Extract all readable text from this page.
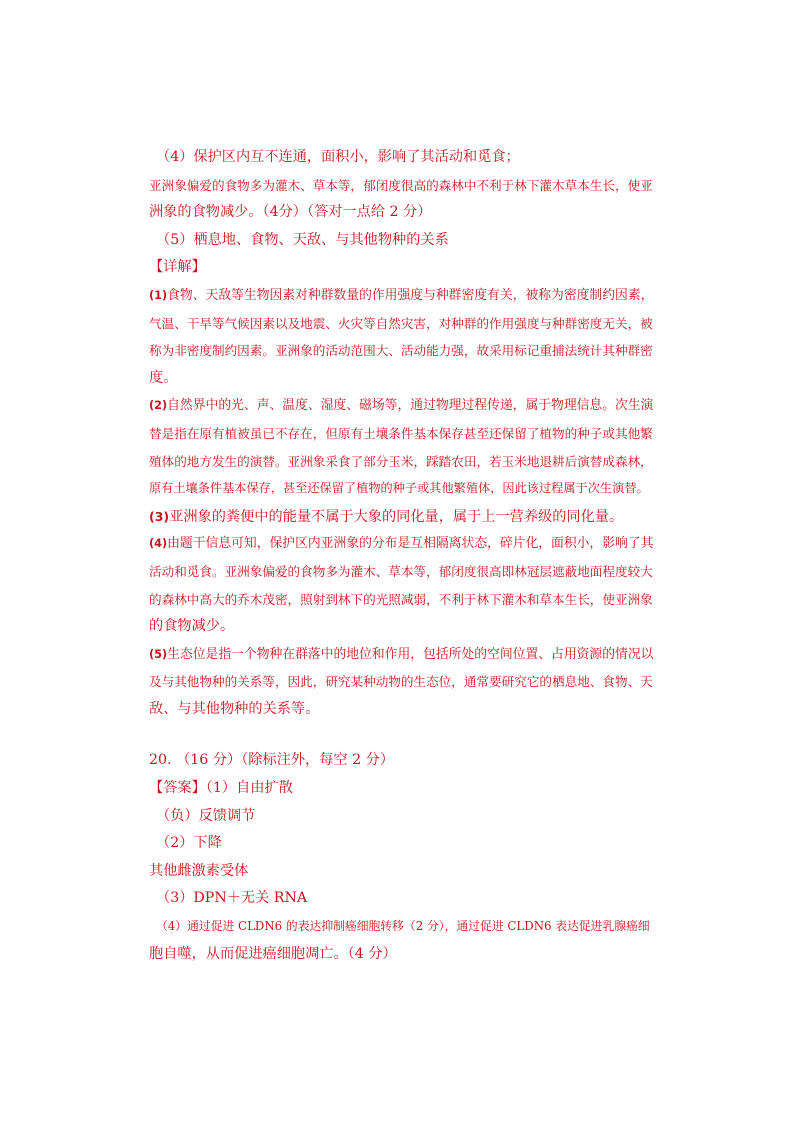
（4）保护区内互不连通，面积小，影响了其活动和觅食；
亚洲象偏爱的食物多为灌木、草本等，郁闭度很高的森林中不利于林下灌木草本生长，使亚
洲象的食物减少。（4分）（答对一点给 2 分）
（5）栖息地、食物、天敌、与其他物种的关系
【详解】
(1)食物、天敌等生物因素对种群数量的作用强度与种群密度有关，被称为密度制约因素，
气温、干旱等气候因素以及地震、火灾等自然灾害，对种群的作用强度与种群密度无关，被
称为非密度制约因素。亚洲象的活动范围大、活动能力强，故采用标记重捕法统计其种群密
度。
(2)自然界中的光、声、温度、湿度、磁场等，通过物理过程传递，属于物理信息。次生演
替是指在原有植被虽已不存在，但原有土壤条件基本保存甚至还保留了植物的种子或其他繁
殖体的地方发生的演替。亚洲象采食了部分玉米，踩踏农田，若玉米地退耕后演替成森林，
原有土壤条件基本保存，甚至还保留了植物的种子或其他繁殖体，因此该过程属于次生演替。
(3)亚洲象的粪便中的能量不属于大象的同化量，属于上一营养级的同化量。
(4)由题干信息可知，保护区内亚洲象的分布是互相隔离状态，碎片化，面积小，影响了其
活动和觅食。亚洲象偏爱的食物多为灌木、草本等，郁闭度很高即林冠层遮蔽地面程度较大
的森林中高大的乔木茂密，照射到林下的光照减弱，不利于林下灌木和草本生长，使亚洲象
的食物减少。
(5)生态位是指一个物种在群落中的地位和作用，包括所处的空间位置、占用资源的情况以
及与其他物种的关系等，因此，研究某种动物的生态位，通常要研究它的栖息地、食物、天
敌、与其他物种的关系等。
20. （16 分）（除标注外，每空 2 分）
【答案】（1）自由扩散
（负）反馈调节
（2）下降
其他雌激素受体
（3）DPN＋无关 RNA
（4）通过促进 CLDN6 的表达抑制癌细胞转移（2 分），通过促进 CLDN6 表达促进乳腺癌细
胞自噬，从而促进癌细胞凋亡。（4 分）
